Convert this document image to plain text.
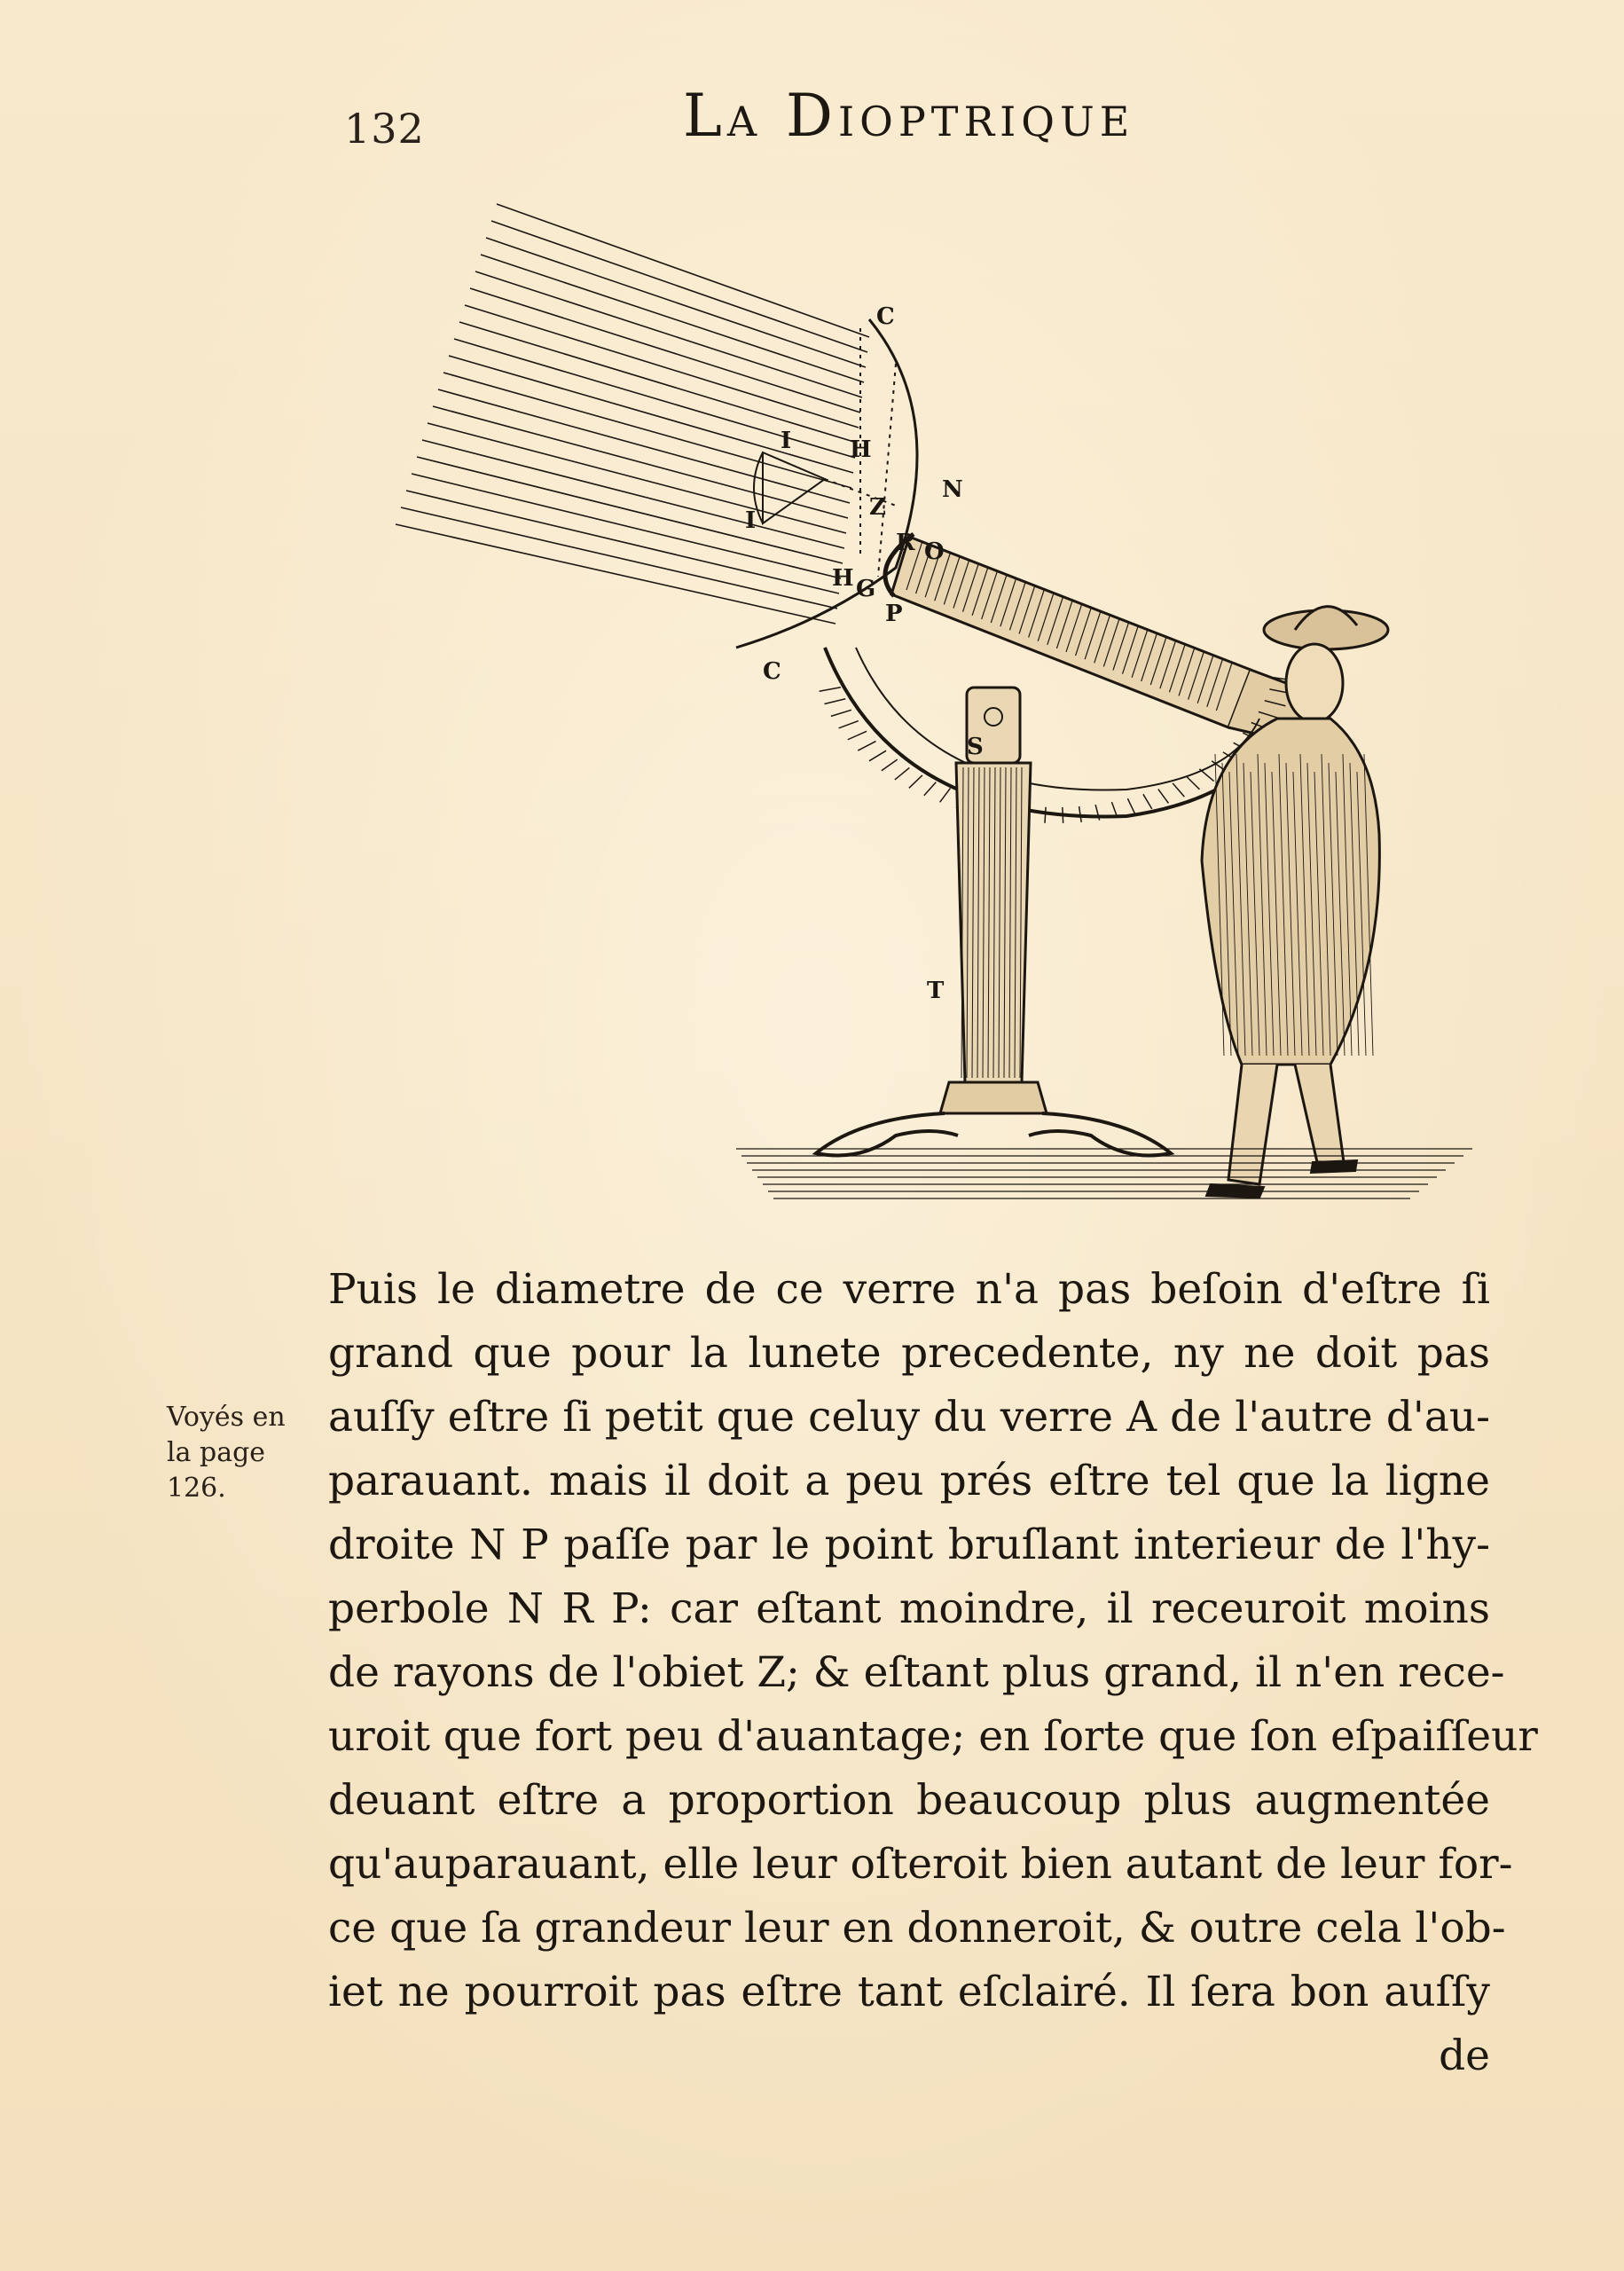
132	La Dioptrique
C
I	H
Z
I
H G
N
R O
P
C
S
T
Voyés en
la page
126.
Puis le diametre de ce verre n'a pas beſoin d'eſtre ſi
grand que pour la lunete precedente, ny ne doit pas
auſſy eſtre ſi petit que celuy du verre A de l'autre d'au-
parauant. mais il doit a peu prés eſtre tel que la ligne
droite N P paſſe par le point bruſlant interieur de l'hy-
perbole N R P: car eſtant moindre, il receuroit moins
de rayons de l'obiet Z; & eſtant plus grand, il n'en rece-
uroit que fort peu d'auantage; en ſorte que ſon eſpaiſſeur
deuant eſtre a proportion beaucoup plus augmentée
qu'auparauant, elle leur oſteroit bien autant de leur for-
ce que ſa grandeur leur en donneroit, & outre cela l'ob-
iet ne pourroit pas eſtre tant eſclairé. Il ſera bon auſſy
de
